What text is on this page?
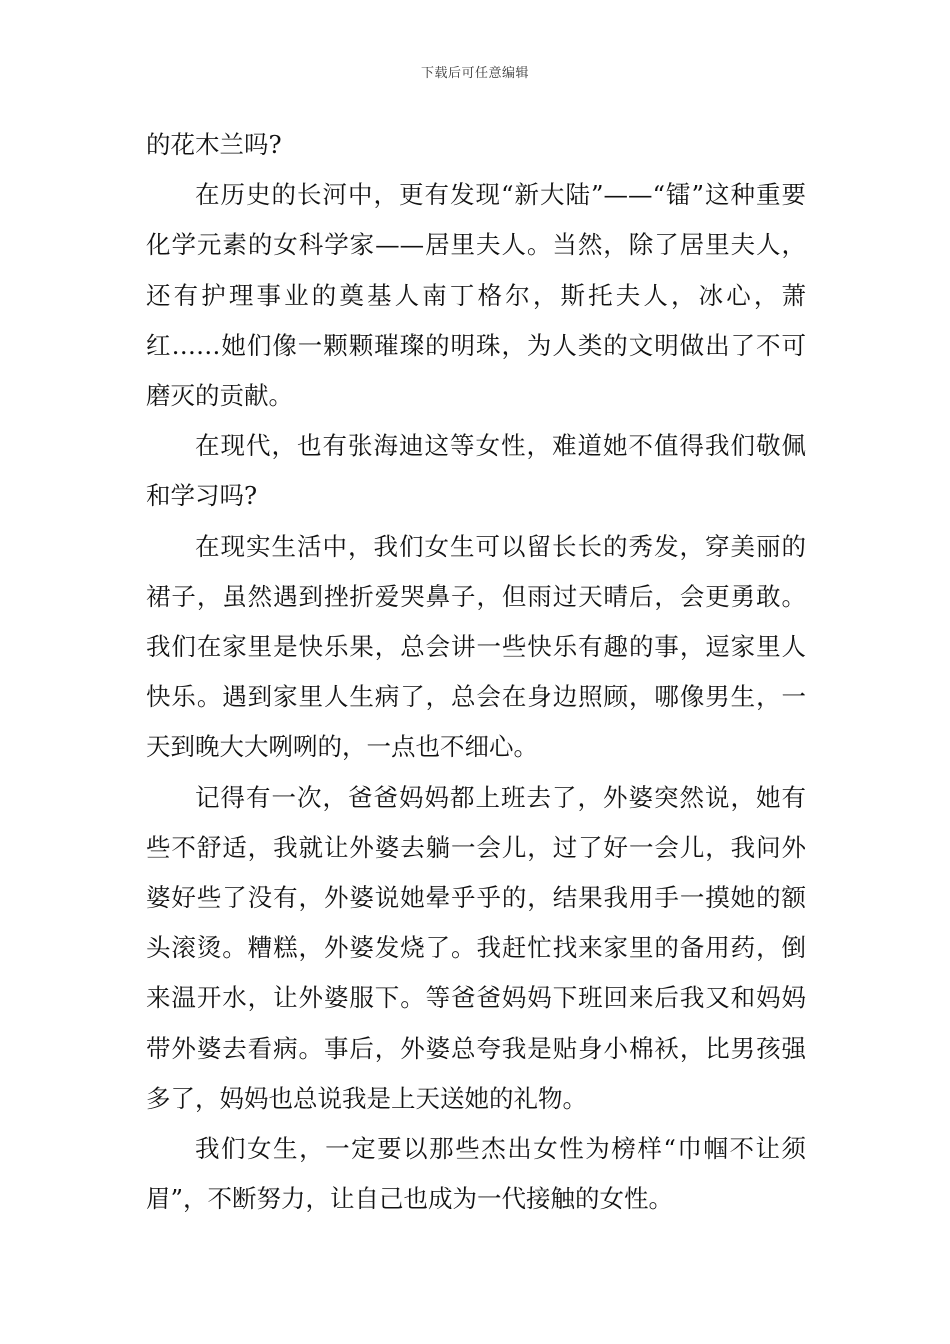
下载后可任意编辑

的花木兰吗?

在历史的长河中，更有发现“新大陆”——“镭”这种重要化学元素的女科学家——居里夫人。当然，除了居里夫人，还有护理事业的奠基人南丁格尔，斯托夫人，冰心，萧红……她们像一颗颗璀璨的明珠，为人类的文明做出了不可磨灭的贡献。

在现代，也有张海迪这等女性，难道她不值得我们敬佩和学习吗?

在现实生活中，我们女生可以留长长的秀发，穿美丽的裙子，虽然遇到挫折爱哭鼻子，但雨过天晴后，会更勇敢。我们在家里是快乐果，总会讲一些快乐有趣的事，逗家里人快乐。遇到家里人生病了，总会在身边照顾，哪像男生，一天到晚大大咧咧的，一点也不细心。

记得有一次，爸爸妈妈都上班去了，外婆突然说，她有些不舒适，我就让外婆去躺一会儿，过了好一会儿，我问外婆好些了没有，外婆说她晕乎乎的，结果我用手一摸她的额头滚烫。糟糕，外婆发烧了。我赶忙找来家里的备用药，倒来温开水，让外婆服下。等爸爸妈妈下班回来后我又和妈妈带外婆去看病。事后，外婆总夸我是贴身小棉袄，比男孩强多了，妈妈也总说我是上天送她的礼物。

我们女生，一定要以那些杰出女性为榜样“巾帼不让须眉”，不断努力，让自己也成为一代接触的女性。
